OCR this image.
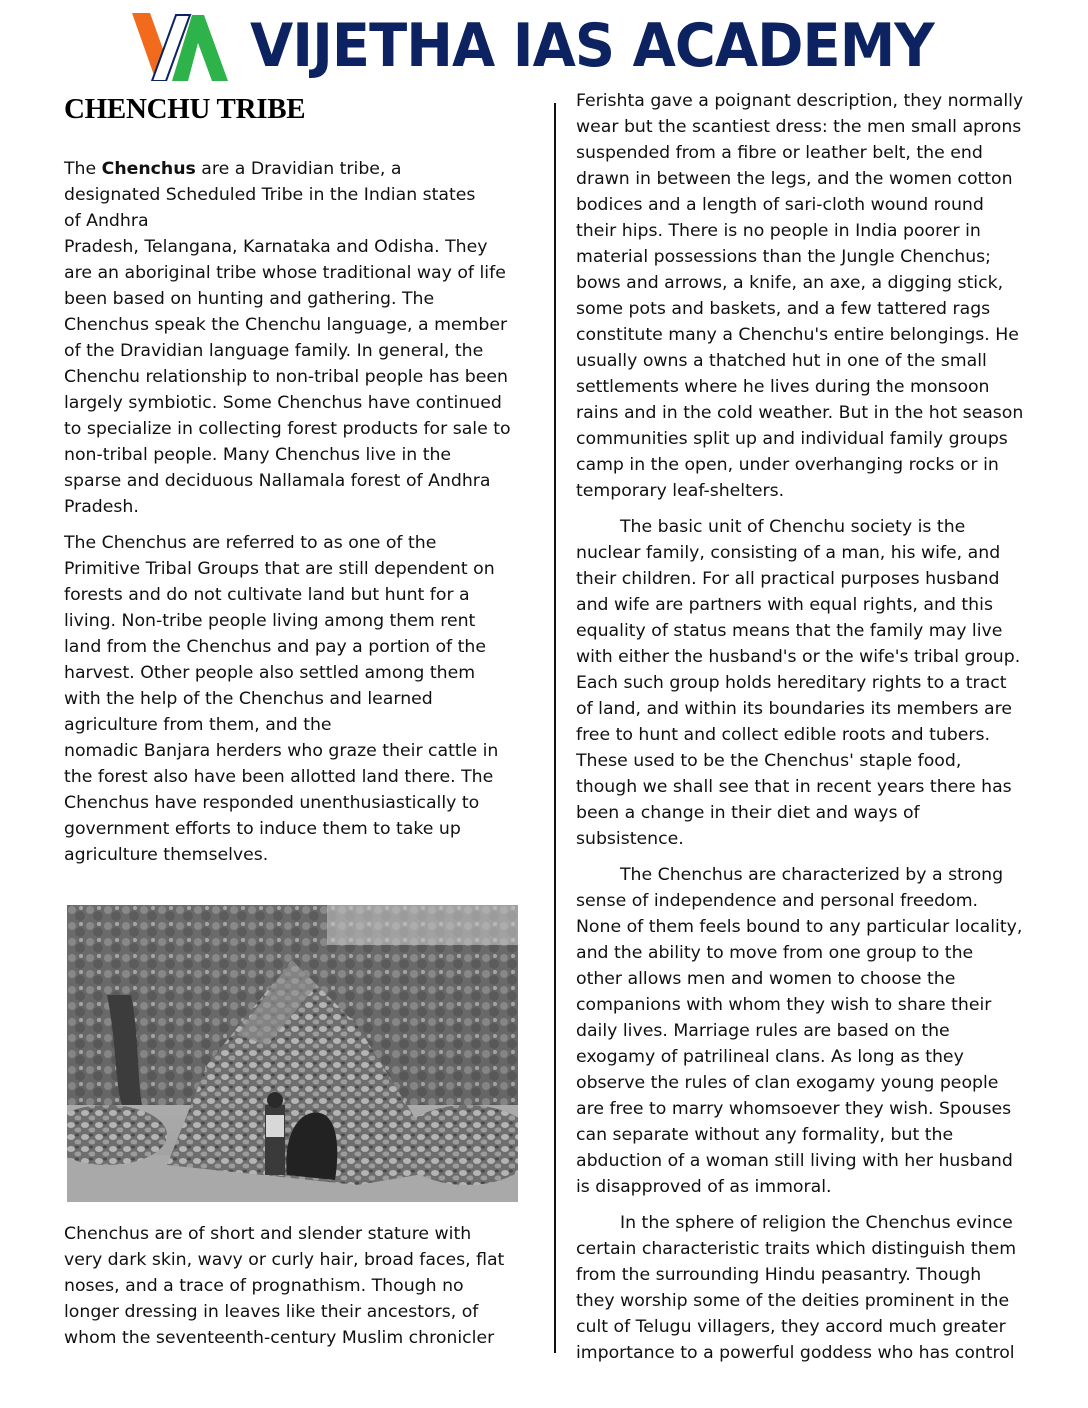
VIJETHA IAS ACADEMY
CHENCHU TRIBE

The Chenchus are a Dravidian tribe, a
designated Scheduled Tribe in the Indian states
of Andhra
Pradesh, Telangana, Karnataka and Odisha. They
are an aboriginal tribe whose traditional way of life
been based on hunting and gathering. The
Chenchus speak the Chenchu language, a member
of the Dravidian language family. In general, the
Chenchu relationship to non-tribal people has been
largely symbiotic. Some Chenchus have continued
to specialize in collecting forest products for sale to
non-tribal people. Many Chenchus live in the
sparse and deciduous Nallamala forest of Andhra
Pradesh.

The Chenchus are referred to as one of the
Primitive Tribal Groups that are still dependent on
forests and do not cultivate land but hunt for a
living. Non-tribe people living among them rent
land from the Chenchus and pay a portion of the
harvest. Other people also settled among them
with the help of the Chenchus and learned
agriculture from them, and the
nomadic Banjara herders who graze their cattle in
the forest also have been allotted land there. The
Chenchus have responded unenthusiastically to
government efforts to induce them to take up
agriculture themselves.

Chenchus are of short and slender stature with
very dark skin, wavy or curly hair, broad faces, flat
noses, and a trace of prognathism. Though no
longer dressing in leaves like their ancestors, of
whom the seventeenth-century Muslim chronicler

Ferishta gave a poignant description, they normally
wear but the scantiest dress: the men small aprons
suspended from a fibre or leather belt, the end
drawn in between the legs, and the women cotton
bodices and a length of sari-cloth wound round
their hips. There is no people in India poorer in
material possessions than the Jungle Chenchus;
bows and arrows, a knife, an axe, a digging stick,
some pots and baskets, and a few tattered rags
constitute many a Chenchu's entire belongings. He
usually owns a thatched hut in one of the small
settlements where he lives during the monsoon
rains and in the cold weather. But in the hot season
communities split up and individual family groups
camp in the open, under overhanging rocks or in
temporary leaf-shelters.

The basic unit of Chenchu society is the
nuclear family, consisting of a man, his wife, and
their children. For all practical purposes husband
and wife are partners with equal rights, and this
equality of status means that the family may live
with either the husband's or the wife's tribal group.
Each such group holds hereditary rights to a tract
of land, and within its boundaries its members are
free to hunt and collect edible roots and tubers.
These used to be the Chenchus' staple food,
though we shall see that in recent years there has
been a change in their diet and ways of
subsistence.

The Chenchus are characterized by a strong
sense of independence and personal freedom.
None of them feels bound to any particular locality,
and the ability to move from one group to the
other allows men and women to choose the
companions with whom they wish to share their
daily lives. Marriage rules are based on the
exogamy of patrilineal clans. As long as they
observe the rules of clan exogamy young people
are free to marry whomsoever they wish. Spouses
can separate without any formality, but the
abduction of a woman still living with her husband
is disapproved of as immoral.

In the sphere of religion the Chenchus evince
certain characteristic traits which distinguish them
from the surrounding Hindu peasantry. Though
they worship some of the deities prominent in the
cult of Telugu villagers, they accord much greater
importance to a powerful goddess who has control
